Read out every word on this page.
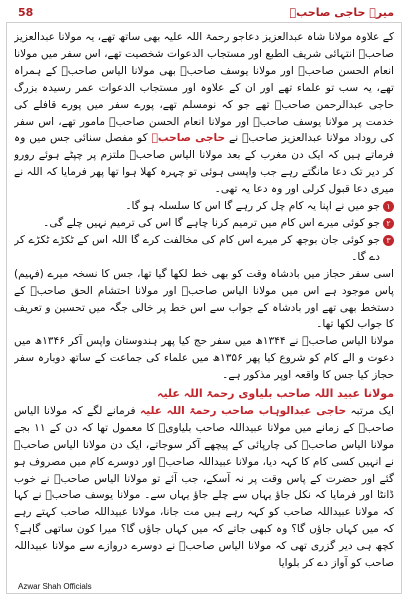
58	میرے حاجی صاحبؒ

کے علاوہ مولانا شاہ عبدالعزیز دعاجو رحمۃ اللہ علیہ بھی ساتھ تھے، یہ مولانا عبدالعزیز صاحبؒ انتہائی شریف الطبع اور مستجاب الدعوات شخصیت تھے، اس سفر میں مولانا انعام الحسن صاحبؒ اور مولانا یوسف صاحبؒ بھی مولانا الیاس صاحبؒ کے ہمراہ تھے، یہ سب تو علماء تھے اور ان کے علاوہ اور مستجاب الدعوات عمر رسیدہ بزرگ حاجی عبدالرحمن صاحبؒ تھے جو کہ نومسلم تھے، پورے سفر میں پورے قافلے کی خدمت پر مولانا یوسف صاحبؒ اور مولانا انعام الحسن صاحبؒ مامور تھے، اس سفر کی روداد مولانا عبدالعزیز صاحبؒ نے حاجی صاحبؒ کو مفصل سنائی جس میں وہ فرماتے ہیں کہ ایک دن مغرب کے بعد مولانا الیاس صاحبؒ ملتزم پر چپٹے ہوئے رورو کر دیر تک دعا مانگتے رہے جب واپسی ہوئی تو چہرہ کھلا ہوا تھا پھر فرمایا کہ اللہ نے میری دعا قبول کرلی اور وہ دعا یہ تھی۔

١
جو میں نے اپنا یہ کام چل کر رہے گا اس کا سلسلہ ہو گا۔
٢
جو کوئی میرے اس کام میں ترمیم کرنا چاہے گا اس کی ترمیم نہیں چلے گی۔
٣
جو کوئی جان بوجھ کر میرے اس کام کی مخالفت کرے گا اللہ اس کے ٹکڑے ٹکڑے کر دے گا۔

اسی سفر حجاز میں بادشاہ وقت کو بھی خط لکھا گیا تھا، جس کا نسخہ میرے (فہیم) پاس موجود ہے اس میں مولانا الیاس صاحبؒ اور مولانا احتشام الحق صاحبؒ کے دستخط بھی تھے اور بادشاہ کے جواب سے اس خط پر خالی جگہ میں تحسین و تعریف کا جواب لکھا تھا۔

مولانا الیاس صاحبؒ نے ۱۳۴۴ھ میں سفر حج کیا پھر ہندوستان واپس آکر ۱۳۴۶ھ میں دعوت و الے کام کو شروع کیا پھر ۱۳۵۶ھ میں علماء کی جماعت کے ساتھ دوبارہ سفر حجاز کیا جس کا واقعہ اوپر مذکور ہے۔

مولانا عبید اللہ صاحب بلیاوی رحمۃ اللہ علیہ

ایک مرتبہ حاجی عبدالوہاب صاحب رحمۃ اللہ علیہ فرمانے لگے کہ مولانا الیاس صاحبؒ کے زمانے میں مولانا عبیداللہ صاحب بلیاویؒ کا معمول تھا کہ دن کے ۱۱ بجے مولانا الیاس صاحبؒ کی چارپائی کے پیچھے آکر سوجاتے، ایک دن مولانا الیاس صاحبؒ نے انہیں کسی کام کا کہہ دیا، مولانا عبیداللہ صاحبؒ اور دوسرے کام میں مصروف ہو گئے اور حضرت کے پاس وقت پر نہ آسکے، جب آئے تو مولانا الیاس صاحبؒ نے خوب ڈانٹا اور فرمایا کہ نکل جاؤ یہاں سے چلے جاؤ یہاں سے۔ مولانا یوسف صاحبؒ نے کہا کہ مولانا عبیداللہ صاحب کو کہہ رہے ہیں مت جانا، مولانا عبیداللہ صاحب کہتے رہے کہ میں کہاں جاؤں گا؟ وہ کبھی جاتے کہ میں کہاں جاؤں گا؟ میرا کون ساتھی گاہے؟ کچھ ہی دیر گزری تھی کہ مولانا الیاس صاحبؒ نے دوسرے دروازے سے مولانا عبیداللہ صاحب کو آواز دے کر بلوایا

Azwar Shah Officials
